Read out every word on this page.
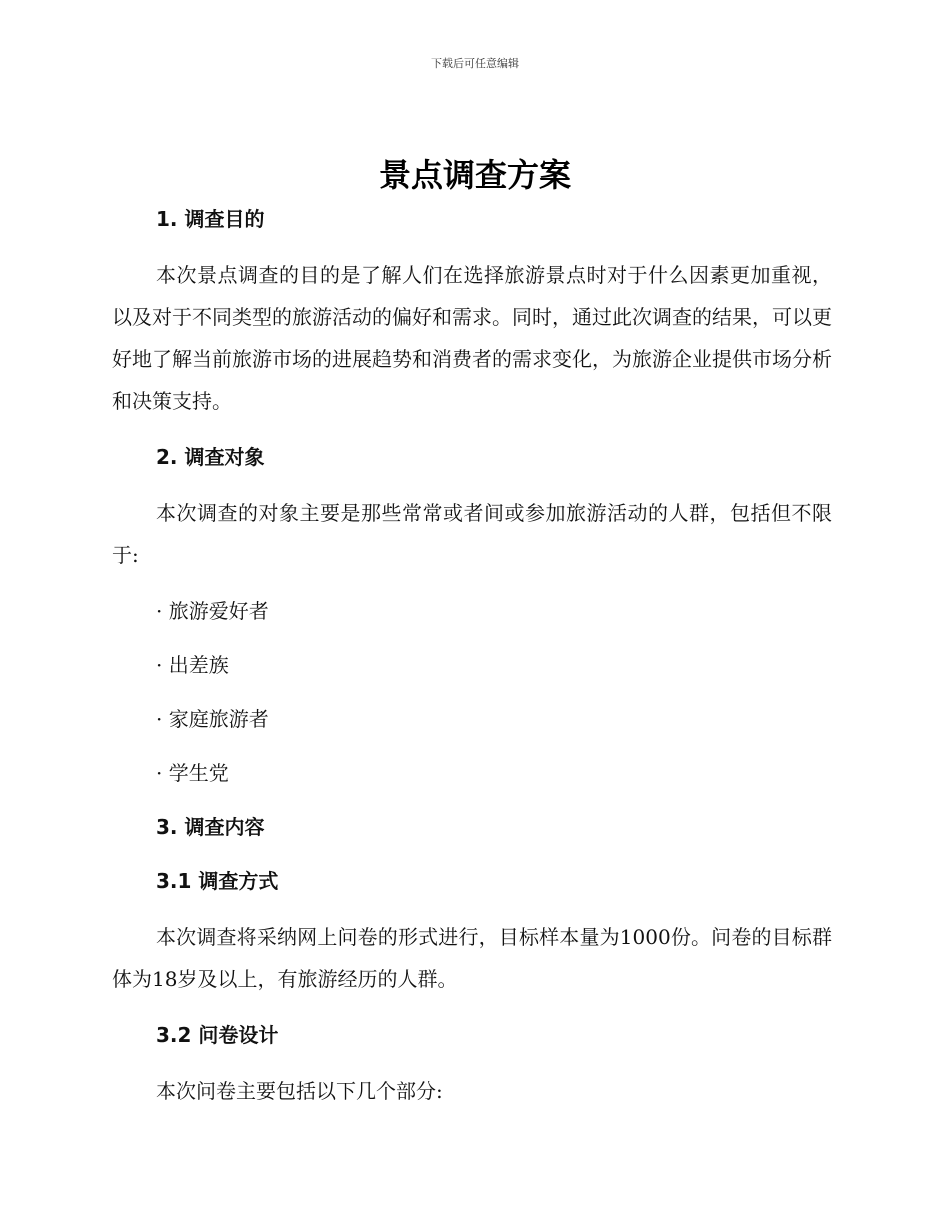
下载后可任意编辑
景点调查方案

1. 调查目的

本次景点调查的目的是了解人们在选择旅游景点时对于什么因素更加重视，以及对于不同类型的旅游活动的偏好和需求。同时，通过此次调查的结果，可以更好地了解当前旅游市场的进展趋势和消费者的需求变化，为旅游企业提供市场分析和决策支持。

2. 调查对象

本次调查的对象主要是那些常常或者间或参加旅游活动的人群，包括但不限于:

· 旅游爱好者

· 出差族

· 家庭旅游者

· 学生党

3. 调查内容

3.1 调查方式

本次调查将采纳网上问卷的形式进行，目标样本量为1000份。问卷的目标群体为18岁及以上，有旅游经历的人群。

3.2 问卷设计

本次问卷主要包括以下几个部分:
